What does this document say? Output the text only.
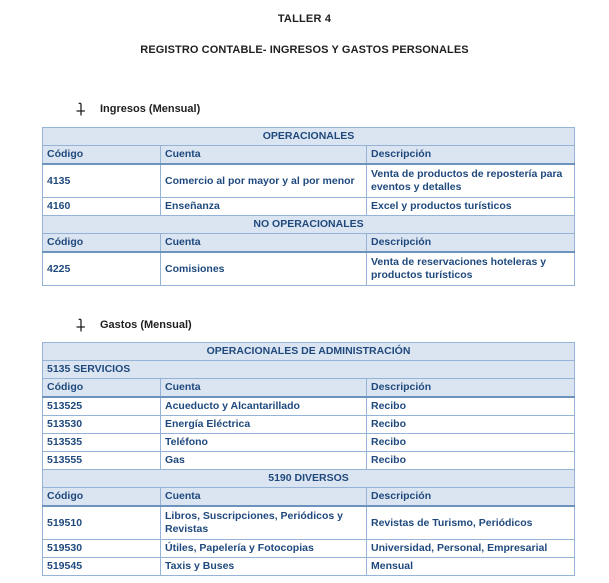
TALLER 4
REGISTRO CONTABLE- INGRESOS Y GASTOS PERSONALES
Ingresos (Mensual)
OPERACIONALES		
Código	Cuenta	Descripción
4135	Comercio al por mayor y al por menor	Venta de productos de repostería para eventos y detalles
4160	Enseñanza	Excel y productos turísticos
NO OPERACIONALES		
Código	Cuenta	Descripción
4225	Comisiones	Venta de reservaciones hoteleras y productos turísticos
Gastos (Mensual)
OPERACIONALES DE ADMINISTRACIÓN		
5135 SERVICIOS		
Código	Cuenta	Descripción
513525	Acueducto y Alcantarillado	Recibo
513530	Energía Eléctrica	Recibo
513535	Teléfono	Recibo
513555	Gas	Recibo
5190 DIVERSOS		
Código	Cuenta	Descripción
519510	Libros, Suscripciones, Periódicos y Revistas	Revistas de Turismo, Periódicos
519530	Útiles, Papelería y Fotocopias	Universidad, Personal, Empresarial
519545	Taxis y Buses	Mensual
